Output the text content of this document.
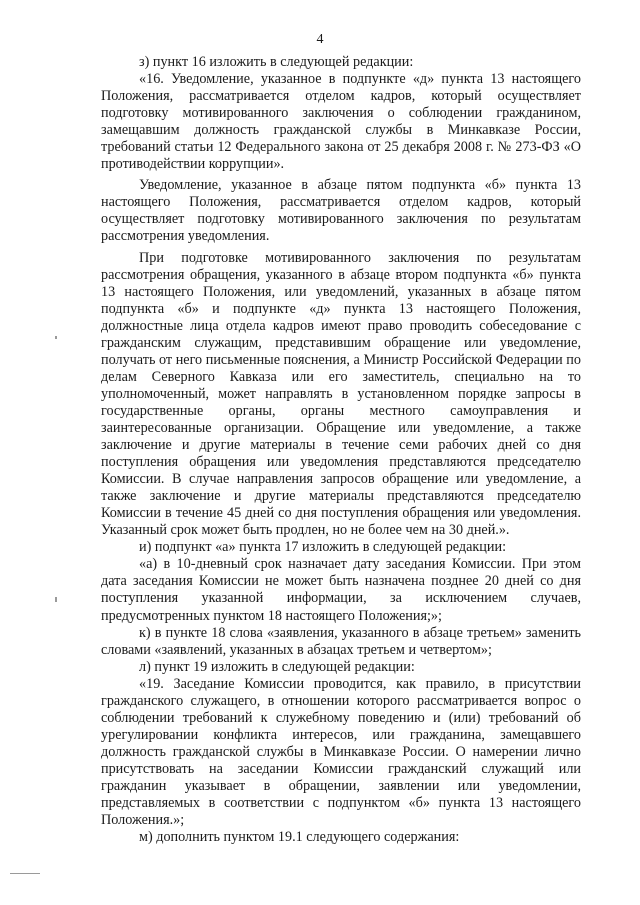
4

з) пункт 16 изложить в следующей редакции:

«16. Уведомление, указанное в подпункте «д» пункта 13 настоящего Положения, рассматривается отделом кадров, который осуществляет подготовку мотивированного заключения о соблюдении гражданином, замещавшим должность гражданской службы в Минкавказе России, требований статьи 12 Федерального закона от 25 декабря 2008 г. № 273-ФЗ «О противодействии коррупции».

Уведомление, указанное в абзаце пятом подпункта «б» пункта 13 настоящего Положения, рассматривается отделом кадров, который осуществляет подготовку мотивированного заключения по результатам рассмотрения уведомления.

При подготовке мотивированного заключения по результатам рассмотрения обращения, указанного в абзаце втором подпункта «б» пункта 13 настоящего Положения, или уведомлений, указанных в абзаце пятом подпункта «б» и подпункте «д» пункта 13 настоящего Положения, должностные лица отдела кадров имеют право проводить собеседование с гражданским служащим, представившим обращение или уведомление, получать от него письменные пояснения, а Министр Российской Федерации по делам Северного Кавказа или его заместитель, специально на то уполномоченный, может направлять в установленном порядке запросы в государственные органы, органы местного самоуправления и заинтересованные организации. Обращение или уведомление, а также заключение и другие материалы в течение семи рабочих дней со дня поступления обращения или уведомления представляются председателю Комиссии. В случае направления запросов обращение или уведомление, а также заключение и другие материалы представляются председателю Комиссии в течение 45 дней со дня поступления обращения или уведомления. Указанный срок может быть продлен, но не более чем на 30 дней.».

и) подпункт «а» пункта 17 изложить в следующей редакции:

«а) в 10-дневный срок назначает дату заседания Комиссии. При этом дата заседания Комиссии не может быть назначена позднее 20 дней со дня поступления указанной информации, за исключением случаев, предусмотренных пунктом 18 настоящего Положения;»;

к) в пункте 18 слова «заявления, указанного в абзаце третьем» заменить словами «заявлений, указанных в абзацах третьем и четвертом»;

л) пункт 19 изложить в следующей редакции:

«19. Заседание Комиссии проводится, как правило, в присутствии гражданского служащего, в отношении которого рассматривается вопрос о соблюдении требований к служебному поведению и (или) требований об урегулировании конфликта интересов, или гражданина, замещавшего должность гражданской службы в Минкавказе России. О намерении лично присутствовать на заседании Комиссии гражданский служащий или гражданин указывает в обращении, заявлении или уведомлении, представляемых в соответствии с подпунктом «б» пункта 13 настоящего Положения.»;

м) дополнить пунктом 19.1 следующего содержания:
